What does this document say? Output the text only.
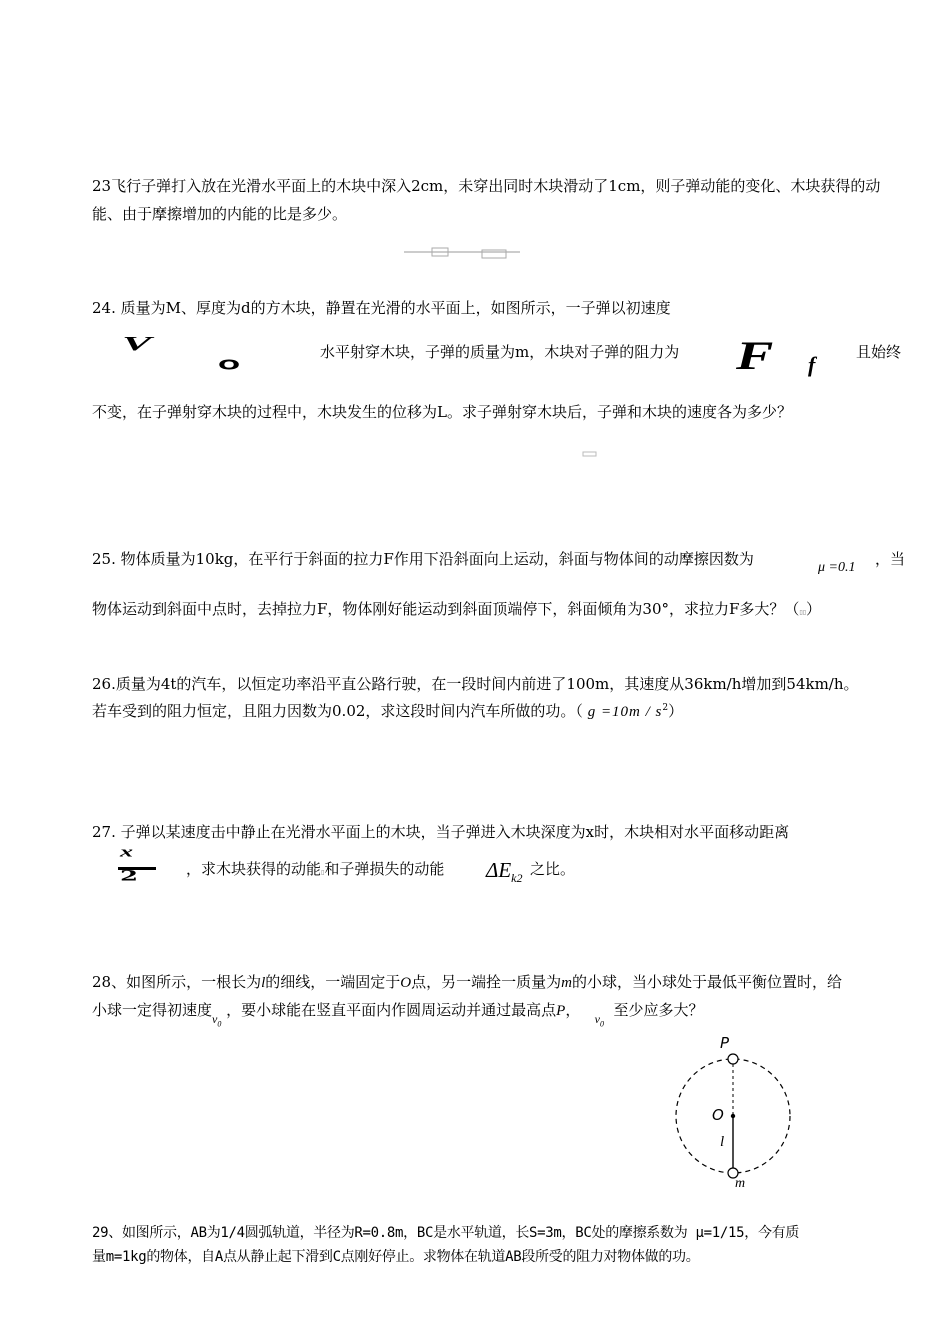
23飞行子弹打入放在光滑水平面上的木块中深入2cm，未穿出同时木块滑动了1cm，则子弹动能的变化、木块获得的动能、由于摩擦增加的内能的比是多少。

24. 质量为M、厚度为d的方木块，静置在光滑的水平面上，如图所示，一子弹以初速度

V
O

水平射穿木块，子弹的质量为m，木块对子弹的阻力为	F f	且始终

不变，在子弹射穿木块的过程中，木块发生的位移为L。求子弹射穿木块后，子弹和木块的速度各为多少？

25. 物体质量为10kg，在平行于斜面的拉力F作用下沿斜面向上运动，斜面与物体间的动摩擦因数为	μ =0.1 ，当

物体运动到斜面中点时，去掉拉力F，物体刚好能运动到斜面顶端停下，斜面倾角为30°，求拉力F多大？（▯▯）

26.质量为4t的汽车，以恒定功率沿平直公路行驶，在一段时间内前进了100m，其速度从36km/h增加到54km/h。

若车受到的阻力恒定，且阻力因数为0.02，求这段时间内汽车所做的功。（ $g =10m / s^2$）

27. 子弹以某速度击中静止在光滑水平面上的木块，当子弹进入木块深度为x时，木块相对水平面移动距离

x
2	，求木块获得的动能▯和子弹损失的动能	$\Delta E_{k2}$

之比。

28、如图所示，一根长为l的细线，一端固定于O点，另一端拴一质量为m的小球，当小球处于最低平衡位置时，给

小球一定得初速度$_{v_0}$ ，要小球能在竖直平面内作圆周运动并通过最高点P， $_{v_0}$  至少应多大？

P
O
l
m

29、如图所示，AB为1/4圆弧轨道，半径为R=0.8m，BC是水平轨道，长S=3m，BC处的摩擦系数为 μ=1/15，今有质

量m=1kg的物体，自A点从静止起下滑到C点刚好停止。求物体在轨道AB段所受的阻力对物体做的功。
